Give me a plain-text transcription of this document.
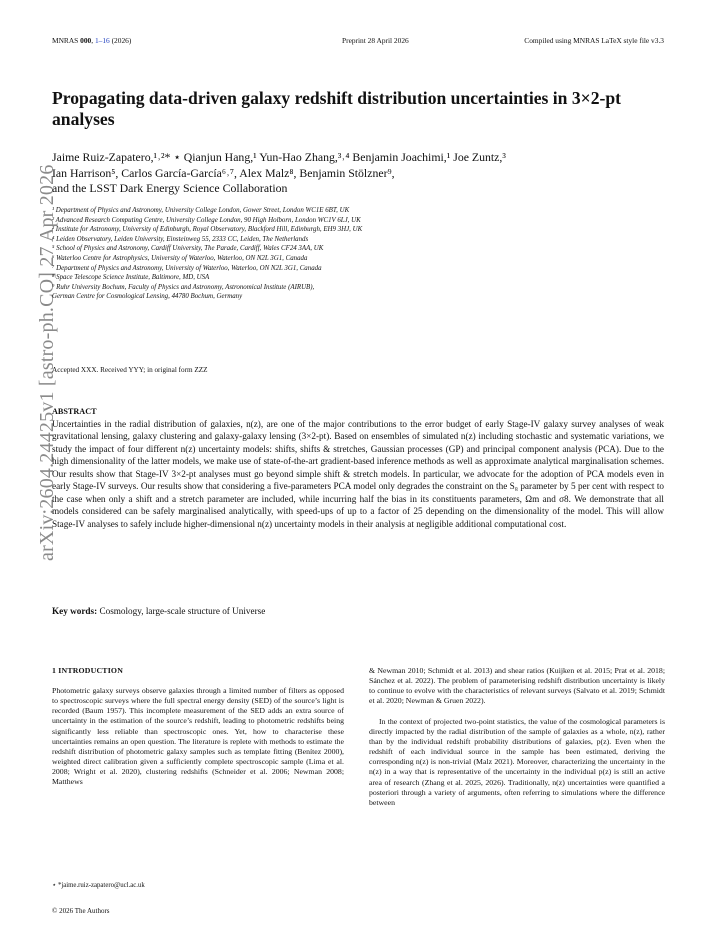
MNRAS 000, 1–16 (2026)	Preprint 28 April 2026	Compiled using MNRAS LaTeX style file v3.3
arXiv:2604.24425v1 [astro-ph.CO] 27 Apr 2026
Propagating data-driven galaxy redshift distribution uncertainties in 3×2-pt analyses
Jaime Ruiz-Zapatero,¹˒²* ⋆ Qianjun Hang,¹ Yun-Hao Zhang,³˒⁴ Benjamin Joachimi,¹ Joe Zuntz,³
Ian Harrison⁵, Carlos García-García⁶˒⁷, Alex Malz⁸, Benjamin Stölzner⁹,
and the LSST Dark Energy Science Collaboration
¹ Department of Physics and Astronomy, University College London, Gower Street, London WC1E 6BT, UK
² Advanced Research Computing Centre, University College London, 90 High Holborn, London WC1V 6LJ, UK
³ Institute for Astronomy, University of Edinburgh, Royal Observatory, Blackford Hill, Edinburgh, EH9 3HJ, UK
⁴ Leiden Observatory, Leiden University, Einsteinweg 55, 2333 CC, Leiden, The Netherlands
⁵ School of Physics and Astronomy, Cardiff University, The Parade, Cardiff, Wales CF24 3AA, UK
⁶ Waterloo Centre for Astrophysics, University of Waterloo, Waterloo, ON N2L 3G1, Canada
⁷ Department of Physics and Astronomy, University of Waterloo, Waterloo, ON N2L 3G1, Canada
⁸ Space Telescope Science Institute, Baltimore, MD, USA
⁹ Ruhr University Bochum, Faculty of Physics and Astronomy, Astronomical Institute (AIRUB),
German Centre for Cosmological Lensing, 44780 Bochum, Germany
Accepted XXX. Received YYY; in original form ZZZ
ABSTRACT
Uncertainties in the radial distribution of galaxies, n(z), are one of the major contributions to the error budget of early Stage-IV galaxy survey analyses of weak gravitational lensing, galaxy clustering and galaxy-galaxy lensing (3×2-pt). Based on ensembles of simulated n(z) including stochastic and systematic variations, we study the impact of four different n(z) uncertainty models: shifts, shifts & stretches, Gaussian processes (GP) and principal component analysis (PCA). Due to the high dimensionality of the latter models, we make use of state-of-the-art gradient-based inference methods as well as approximate analytical marginalisation schemes. Our results show that Stage-IV 3×2-pt analyses must go beyond simple shift & stretch models. In particular, we advocate for the adoption of PCA models even in early Stage-IV surveys. Our results show that considering a five-parameters PCA model only degrades the constraint on the S₈ parameter by 5 per cent with respect to the case when only a shift and a stretch parameter are included, while incurring half the bias in its constituents parameters, Ωm and σ8. We demonstrate that all models considered can be safely marginalised analytically, with speed-ups of up to a factor of 25 depending on the dimensionality of the model. This will allow Stage-IV analyses to safely include higher-dimensional n(z) uncertainty models in their analysis at negligible additional computational cost.
Key words: Cosmology, large-scale structure of Universe
1 INTRODUCTION

Photometric galaxy surveys observe galaxies through a limited number of filters as opposed to spectroscopic surveys where the full spectral energy density (SED) of the source’s light is recorded (Baum 1957). This incomplete measurement of the SED adds an extra source of uncertainty in the estimation of the source’s redshift, leading to photometric redshifts being significantly less reliable than spectroscopic ones. Yet, how to characterise these uncertainties remains an open question. The literature is replete with methods to estimate the redshift distribution of photometric galaxy samples such as template fitting (Benítez 2000), weighted direct calibration given a sufficiently complete spectroscopic sample (Lima et al. 2008; Wright et al. 2020), clustering redshifts (Schneider et al. 2006; Newman 2008; Matthews

& Newman 2010; Schmidt et al. 2013) and shear ratios (Kuijken et al. 2015; Prat et al. 2018; Sánchez et al. 2022). The problem of parameterising redshift distribution uncertainty is likely to continue to evolve with the characteristics of relevant surveys (Salvato et al. 2019; Schmidt et al. 2020; Newman & Gruen 2022).

In the context of projected two-point statistics, the value of the cosmological parameters is directly impacted by the radial distribution of the sample of galaxies as a whole, n(z), rather than by the individual redshift probability distributions of galaxies, p(z). Even when the redshift of each individual source in the sample has been estimated, deriving the corresponding n(z) is non-trivial (Malz 2021). Moreover, characterizing the uncertainty in the n(z) in a way that is representative of the uncertainty in the individual p(z) is still an active area of research (Zhang et al. 2025, 2026). Traditionally, n(z) uncertainties were quantified a posteriori through a variety of arguments, often referring to simulations where the difference between

⋆ *jaime.ruiz-zapatero@ucl.ac.uk
© 2026 The Authors
